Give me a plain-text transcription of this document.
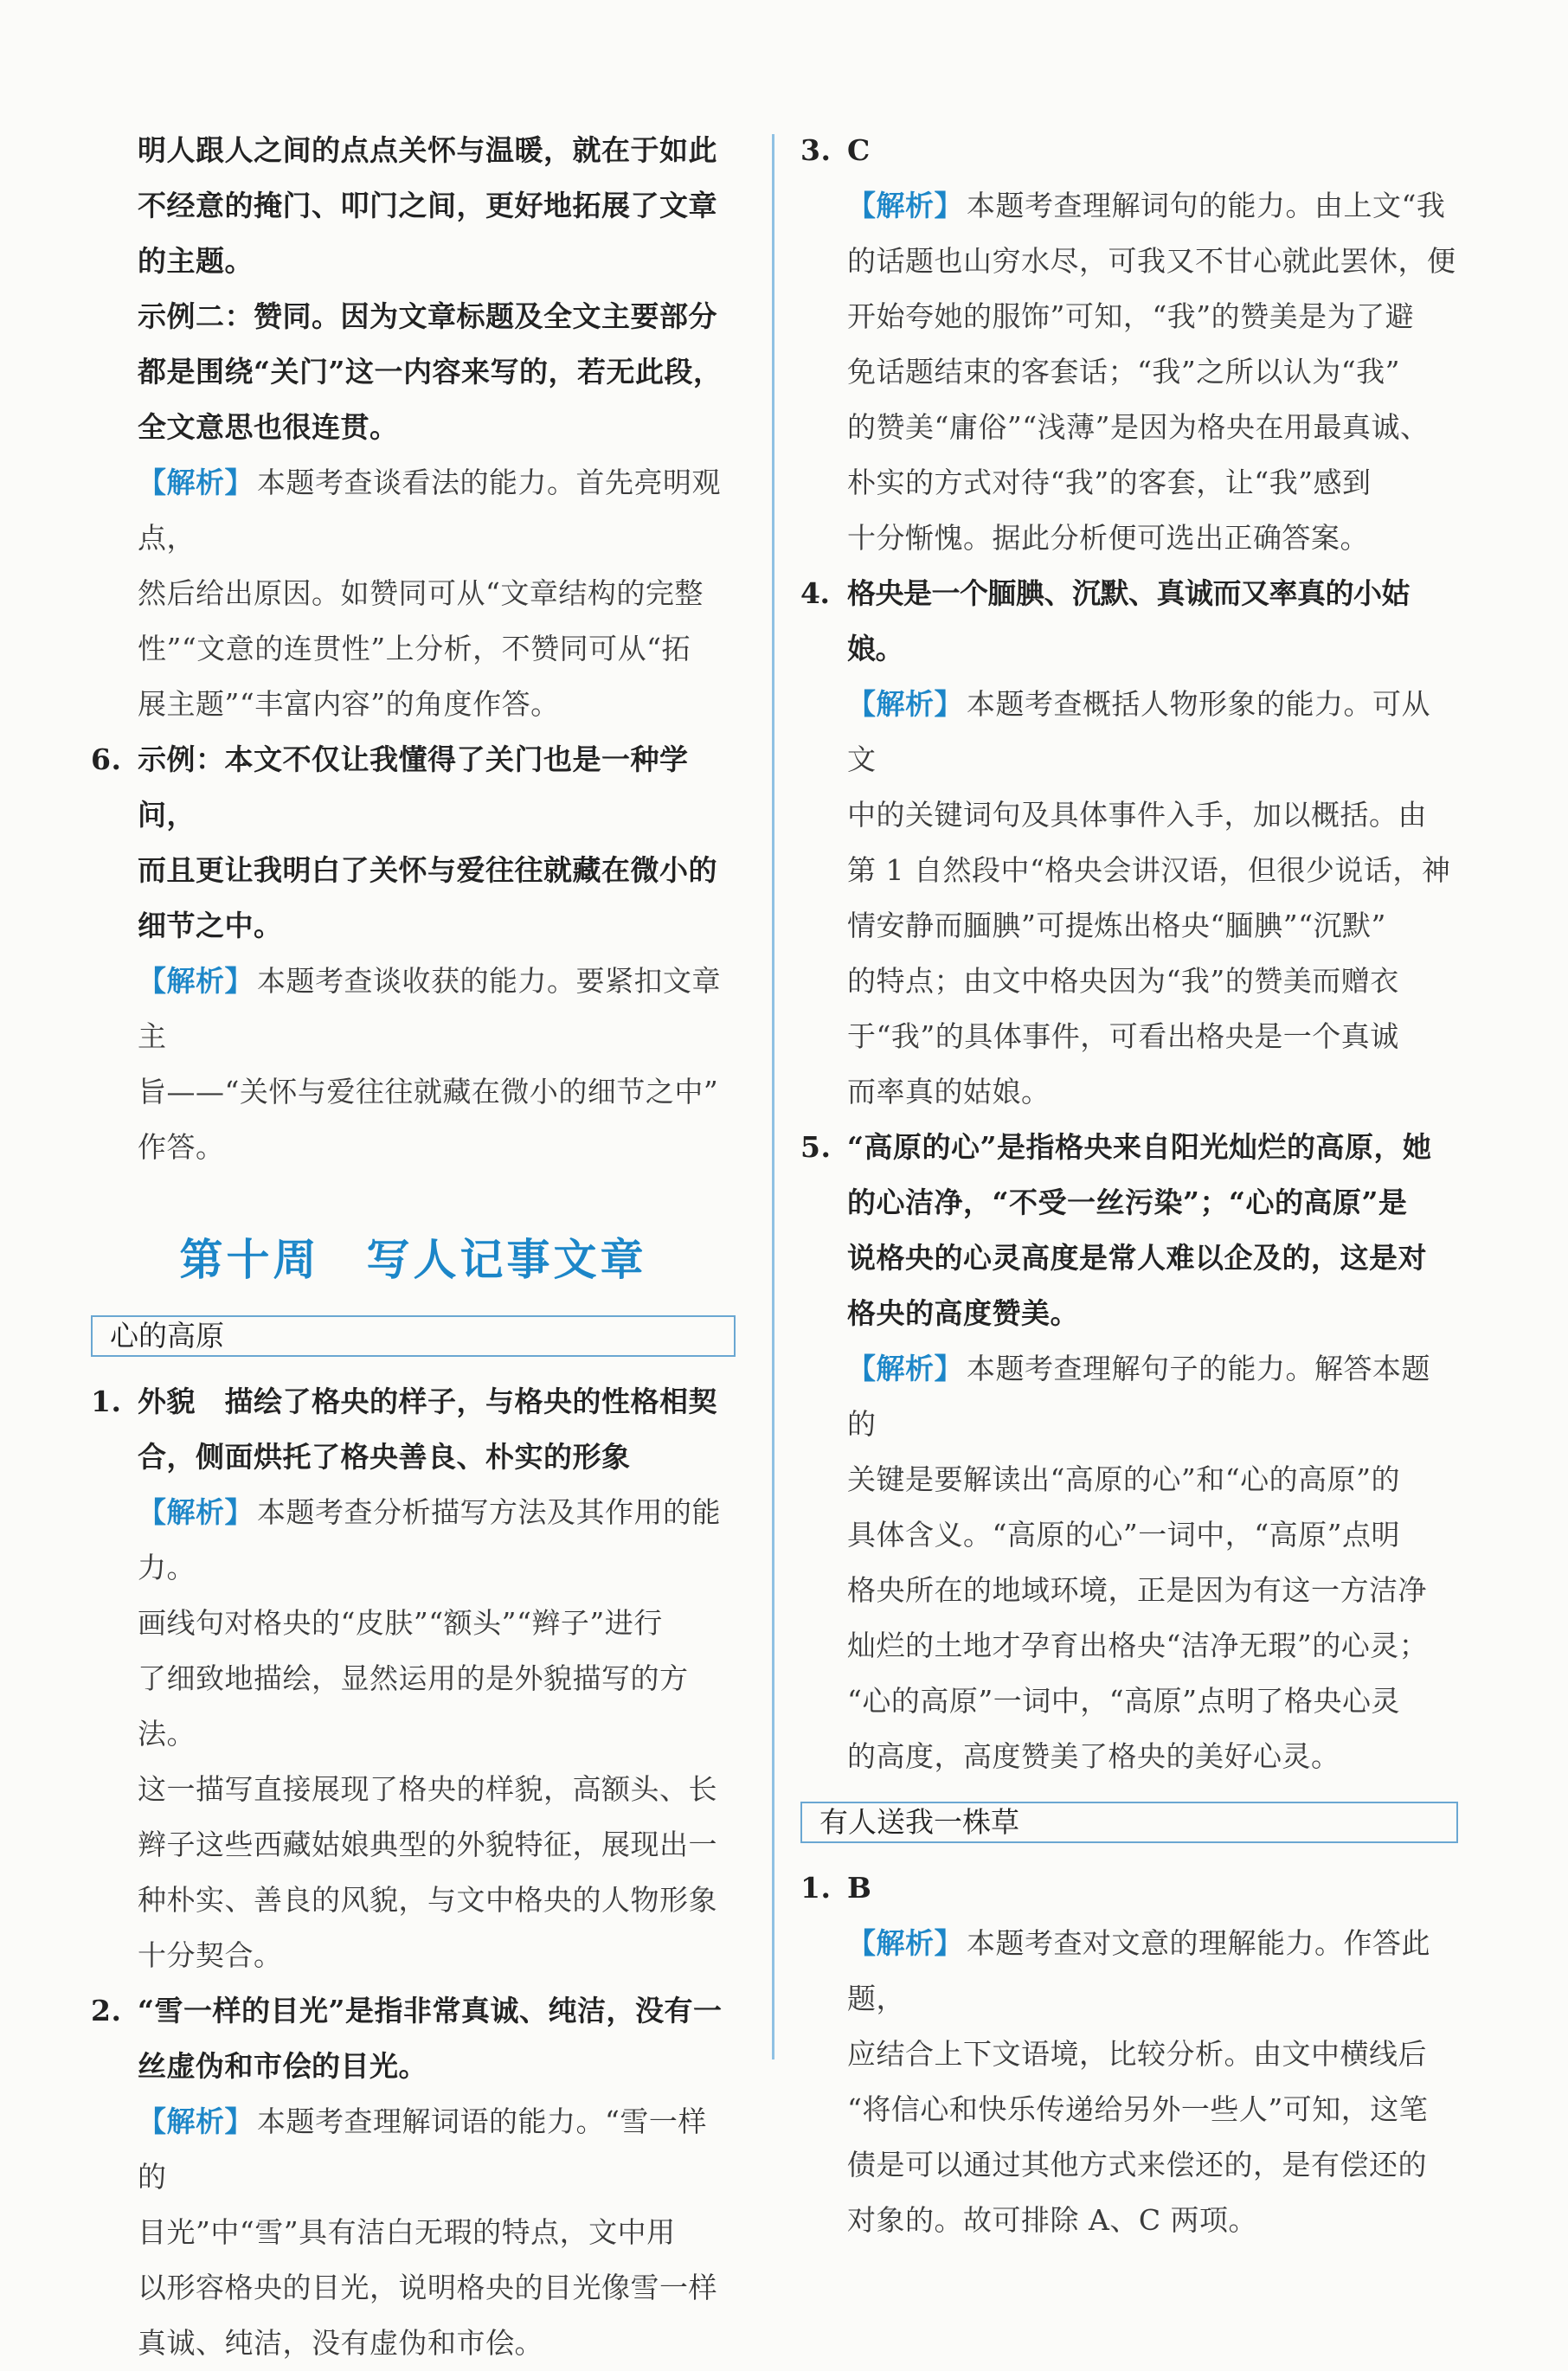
明人跟人之间的点点关怀与温暖，就在于如此
不经意的掩门、叩门之间，更好地拓展了文章
的主题。
示例二：赞同。因为文章标题及全文主要部分
都是围绕“关门”这一内容来写的，若无此段，
全文意思也很连贯。
【解析】 本题考查谈看法的能力。首先亮明观点，
然后给出原因。如赞同可从“文章结构的完整
性”“文意的连贯性”上分析，不赞同可从“拓
展主题”“丰富内容”的角度作答。
6. 示例：本文不仅让我懂得了关门也是一种学问，
而且更让我明白了关怀与爱往往就藏在微小的
细节之中。
【解析】 本题考查谈收获的能力。要紧扣文章主
旨——“关怀与爱往往就藏在微小的细节之中”
作答。
第十周　写人记事文章
心的高原
1. 外貌　描绘了格央的样子，与格央的性格相契
合，侧面烘托了格央善良、朴实的形象
【解析】 本题考查分析描写方法及其作用的能力。
画线句对格央的“皮肤”“额头”“辫子”进行
了细致地描绘，显然运用的是外貌描写的方法。
这一描写直接展现了格央的样貌，高额头、长
辫子这些西藏姑娘典型的外貌特征，展现出一
种朴实、善良的风貌，与文中格央的人物形象
十分契合。
2. “雪一样的目光”是指非常真诚、纯洁，没有一
丝虚伪和市侩的目光。
【解析】 本题考查理解词语的能力。“雪一样的
目光”中“雪”具有洁白无瑕的特点，文中用
以形容格央的目光，说明格央的目光像雪一样
真诚、纯洁，没有虚伪和市侩。
3. C
【解析】 本题考查理解词句的能力。由上文“我
的话题也山穷水尽，可我又不甘心就此罢休，便
开始夸她的服饰”可知，“我”的赞美是为了避
免话题结束的客套话；“我”之所以认为“我”
的赞美“庸俗”“浅薄”是因为格央在用最真诚、
朴实的方式对待“我”的客套，让“我”感到
十分惭愧。据此分析便可选出正确答案。
4. 格央是一个腼腆、沉默、真诚而又率真的小姑娘。
【解析】 本题考查概括人物形象的能力。可从文
中的关键词句及具体事件入手，加以概括。由
第 1 自然段中“格央会讲汉语，但很少说话，神
情安静而腼腆”可提炼出格央“腼腆”“沉默”
的特点；由文中格央因为“我”的赞美而赠衣
于“我”的具体事件，可看出格央是一个真诚
而率真的姑娘。
5. “高原的心”是指格央来自阳光灿烂的高原，她
的心洁净，“不受一丝污染”；“心的高原”是
说格央的心灵高度是常人难以企及的，这是对
格央的高度赞美。
【解析】 本题考查理解句子的能力。解答本题的
关键是要解读出“高原的心”和“心的高原”的
具体含义。“高原的心”一词中，“高原”点明
格央所在的地域环境，正是因为有这一方洁净
灿烂的土地才孕育出格央“洁净无瑕”的心灵；
“心的高原”一词中，“高原”点明了格央心灵
的高度，高度赞美了格央的美好心灵。
有人送我一株草
1. B
【解析】 本题考查对文意的理解能力。作答此题，
应结合上下文语境，比较分析。由文中横线后
“将信心和快乐传递给另外一些人”可知，这笔
债是可以通过其他方式来偿还的，是有偿还的
对象的。故可排除 A、C 两项。
